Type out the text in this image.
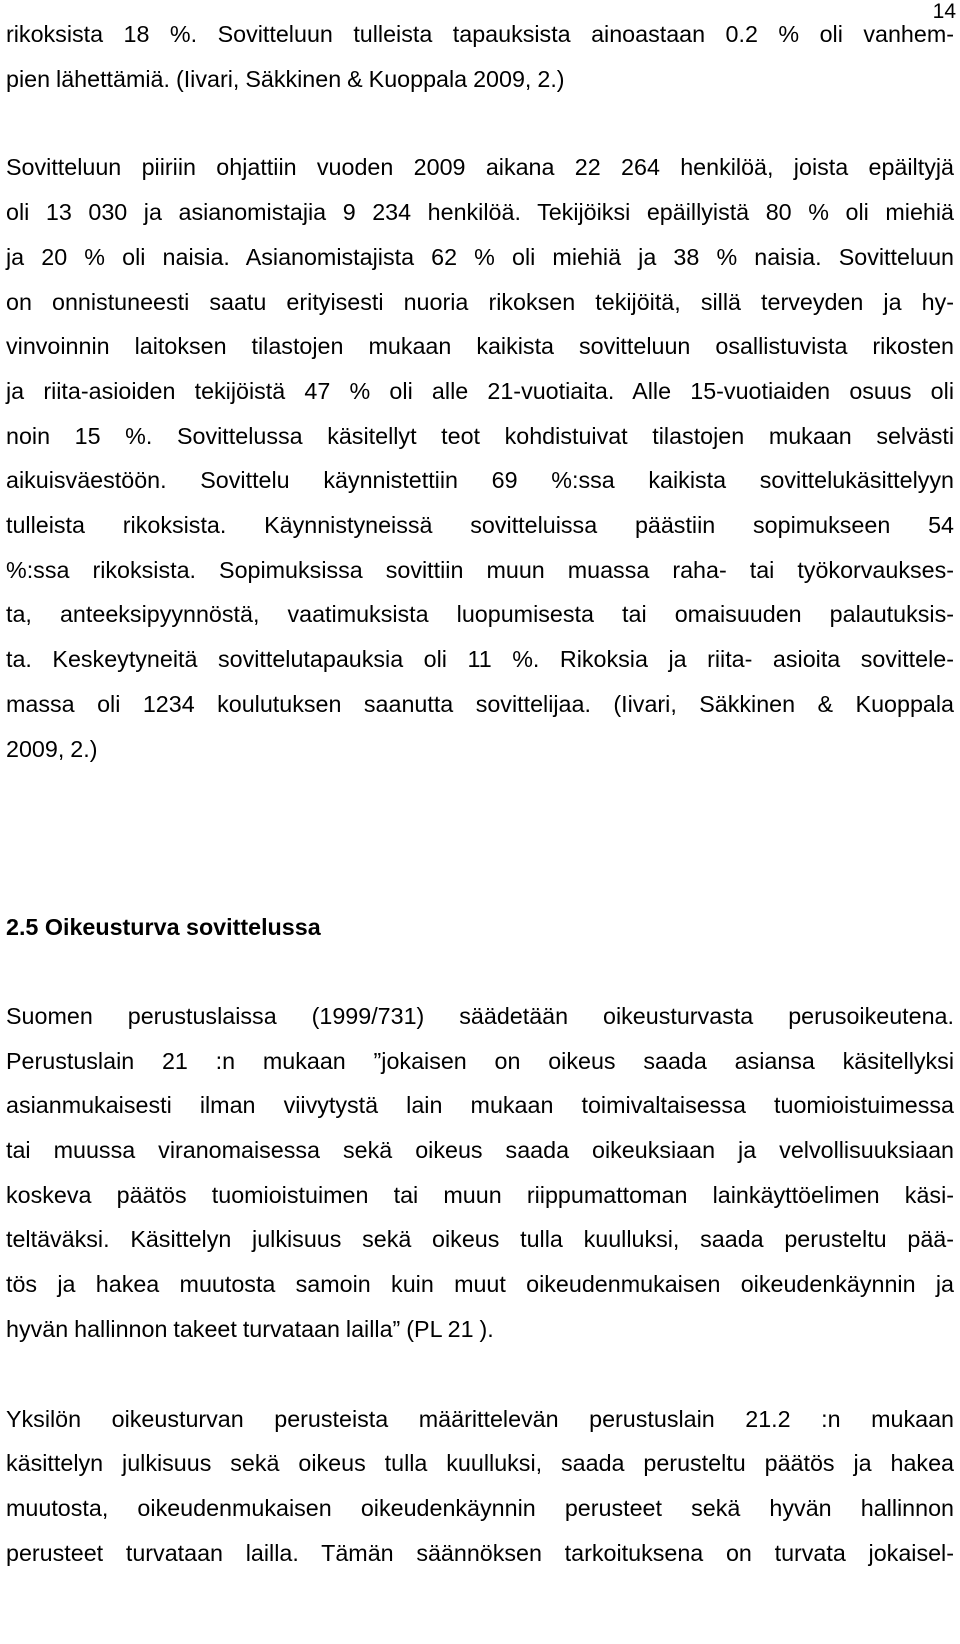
14

rikoksista 18 %. Sovitteluun tulleista tapauksista ainoastaan 0.2 % oli vanhem-
pien lähettämiä. (Iivari, Säkkinen & Kuoppala 2009, 2.)

Sovitteluun piiriin ohjattiin vuoden 2009 aikana 22 264 henkilöä, joista epäiltyjä
oli 13 030 ja asianomistajia 9 234 henkilöä. Tekijöiksi epäillyistä 80 % oli miehiä
ja 20 % oli naisia. Asianomistajista 62 % oli miehiä ja 38 % naisia. Sovitteluun
on onnistuneesti saatu erityisesti nuoria rikoksen tekijöitä, sillä terveyden ja hy-
vinvoinnin laitoksen tilastojen mukaan kaikista sovitteluun osallistuvista rikosten
ja riita-asioiden tekijöistä 47 % oli alle 21-vuotiaita. Alle 15-vuotiaiden osuus oli
noin 15 %. Sovittelussa käsitellyt teot kohdistuivat tilastojen mukaan selvästi
aikuisväestöön. Sovittelu käynnistettiin 69 %:ssa kaikista sovittelukäsittelyyn
tulleista rikoksista. Käynnistyneissä sovitteluissa päästiin sopimukseen 54
%:ssa rikoksista. Sopimuksissa sovittiin muun muassa raha- tai työkorvaukses-
ta, anteeksipyynnöstä, vaatimuksista luopumisesta tai omaisuuden palautuksis-
ta. Keskeytyneitä sovittelutapauksia oli 11 %. Rikoksia ja riita- asioita sovittele-
massa oli 1234 koulutuksen saanutta sovittelijaa. (Iivari, Säkkinen & Kuoppala
2009, 2.)

2.5 Oikeusturva sovittelussa

Suomen perustuslaissa (1999/731) säädetään oikeusturvasta perusoikeutena.
Perustuslain 21 :n mukaan ”jokaisen on oikeus saada asiansa käsitellyksi
asianmukaisesti ilman viivytystä lain mukaan toimivaltaisessa tuomioistuimessa
tai muussa viranomaisessa sekä oikeus saada oikeuksiaan ja velvollisuuksiaan
koskeva päätös tuomioistuimen tai muun riippumattoman lainkäyttöelimen käsi-
teltäväksi. Käsittelyn julkisuus sekä oikeus tulla kuulluksi, saada perusteltu pää-
tös ja hakea muutosta samoin kuin muut oikeudenmukaisen oikeudenkäynnin ja
hyvän hallinnon takeet turvataan lailla” (PL 21 ).

Yksilön oikeusturvan perusteista määrittelevän perustuslain 21.2 :n mukaan
käsittelyn julkisuus sekä oikeus tulla kuulluksi, saada perusteltu päätös ja hakea
muutosta, oikeudenmukaisen oikeudenkäynnin perusteet sekä hyvän hallinnon
perusteet turvataan lailla. Tämän säännöksen tarkoituksena on turvata jokaisel-
